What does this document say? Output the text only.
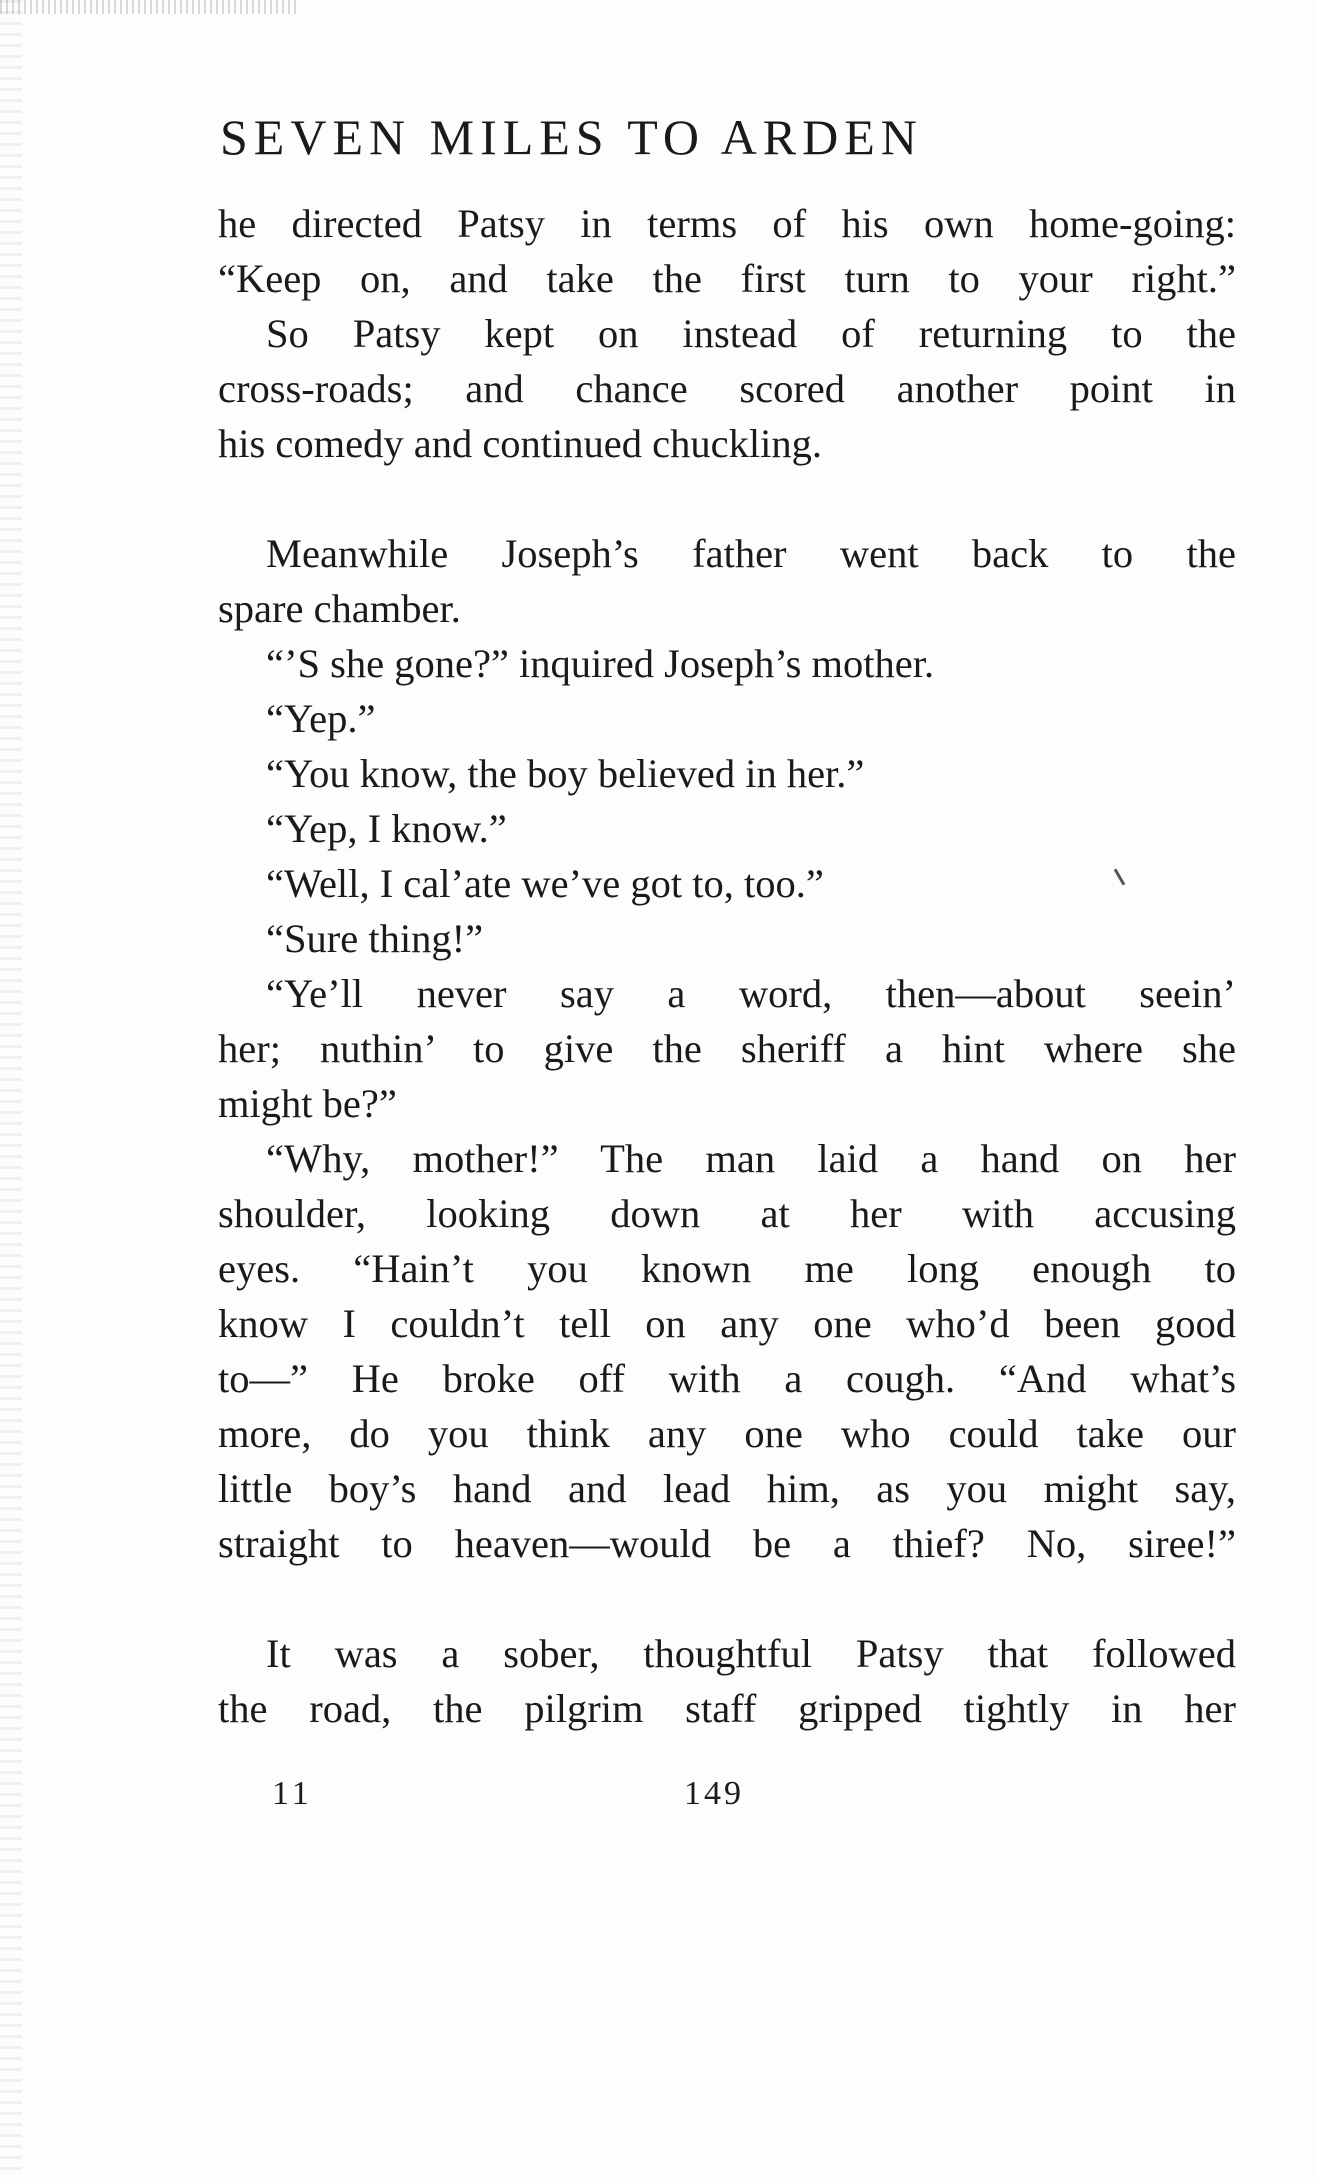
SEVEN MILES TO ARDEN
he directed Patsy in terms of his own home-going:
“Keep on, and take the first turn to your right.”
So Patsy kept on instead of returning to the
cross-roads; and chance scored another point in
his comedy and continued chuckling.
Meanwhile Joseph’s father went back to the
spare chamber.
“’S she gone?” inquired Joseph’s mother.
“Yep.”
“You know, the boy believed in her.”
“Yep, I know.”
“Well, I cal’ate we’ve got to, too.”
“Sure thing!”
“Ye’ll never say a word, then—about seein’
her; nuthin’ to give the sheriff a hint where she
might be?”
“Why, mother!” The man laid a hand on her
shoulder, looking down at her with accusing
eyes. “Hain’t you known me long enough to
know I couldn’t tell on any one who’d been good
to—” He broke off with a cough. “And what’s
more, do you think any one who could take our
little boy’s hand and lead him, as you might say,
straight to heaven—would be a thief? No, siree!”
It was a sober, thoughtful Patsy that followed
the road, the pilgrim staff gripped tightly in her
11	149
